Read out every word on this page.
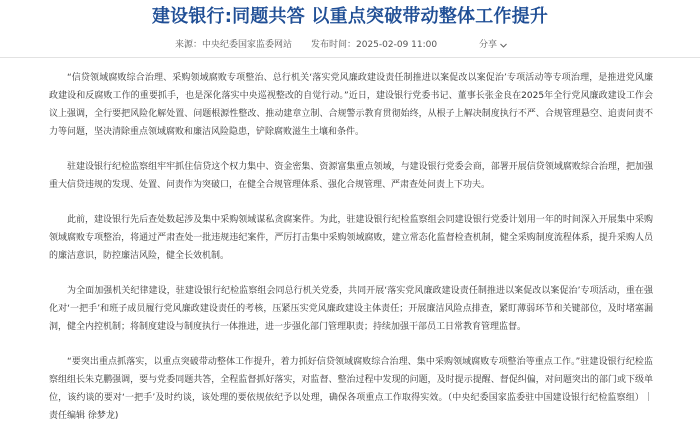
建设银行:同题共答 以重点突破带动整体工作提升
来源：中央纪委国家监委网站 发布时间：2025-02-09 11:00	分享

“信贷领域腐败综合治理、采购领域腐败专项整治、总行机关‘落实党风廉政建设责任制推进以案促改以案促治’专项活动等专项治理，是推进党风廉政建设和反腐败工作的重要抓手，也是深化落实中央巡视整改的自觉行动。”近日，建设银行党委书记、董事长张金良在2025年全行党风廉政建设工作会议上强调，全行要把风险化解处置、问题根源性整改、推动建章立制、合规警示教育贯彻始终，从根子上解决制度执行不严、合规管理悬空、追责问责不力等问题，坚决清除重点领域腐败和廉洁风险隐患，铲除腐败滋生土壤和条件。

驻建设银行纪检监察组牢牢抓住信贷这个权力集中、资金密集、资源富集重点领域，与建设银行党委会商，部署开展信贷领域腐败综合治理，把加强重大信贷违规的发现、处置、问责作为突破口，在健全合规管理体系、强化合规管理、严肃查处问责上下功夫。

此前，建设银行先后查处数起涉及集中采购领域谋私贪腐案件。为此，驻建设银行纪检监察组会同建设银行党委计划用一年的时间深入开展集中采购领域腐败专项整治，将通过严肃查处一批违规违纪案件，严厉打击集中采购领域腐败，建立常态化监督检查机制，健全采购制度流程体系，提升采购人员的廉洁意识，防控廉洁风险，健全长效机制。

为全面加强机关纪律建设，驻建设银行纪检监察组会同总行机关党委，共同开展‘落实党风廉政建设责任制推进以案促改以案促治’专项活动，重在强化对‘一把手’和班子成员履行党风廉政建设责任的考核，压紧压实党风廉政建设主体责任；开展廉洁风险点排查，紧盯薄弱环节和关键部位，及时堵塞漏洞，健全内控机制；将制度建设与制度执行一体推进，进一步强化部门管理职责；持续加强干部员工日常教育管理监督。

“要突出重点抓落实，以重点突破带动整体工作提升，着力抓好信贷领域腐败综合治理、集中采购领域腐败专项整治等重点工作。”驻建设银行纪检监察组组长朱克鹏强调，要与党委同题共答，全程监督抓好落实，对监督、整治过程中发现的问题，及时提示提醒、督促纠偏，对问题突出的部门或下级单位，该约谈的要对‘一把手’及时约谈，该处理的要依规依纪予以处理，确保各项重点工作取得实效。（中央纪委国家监委驻中国建设银行纪检监察组）｜责任编辑 徐梦龙)
